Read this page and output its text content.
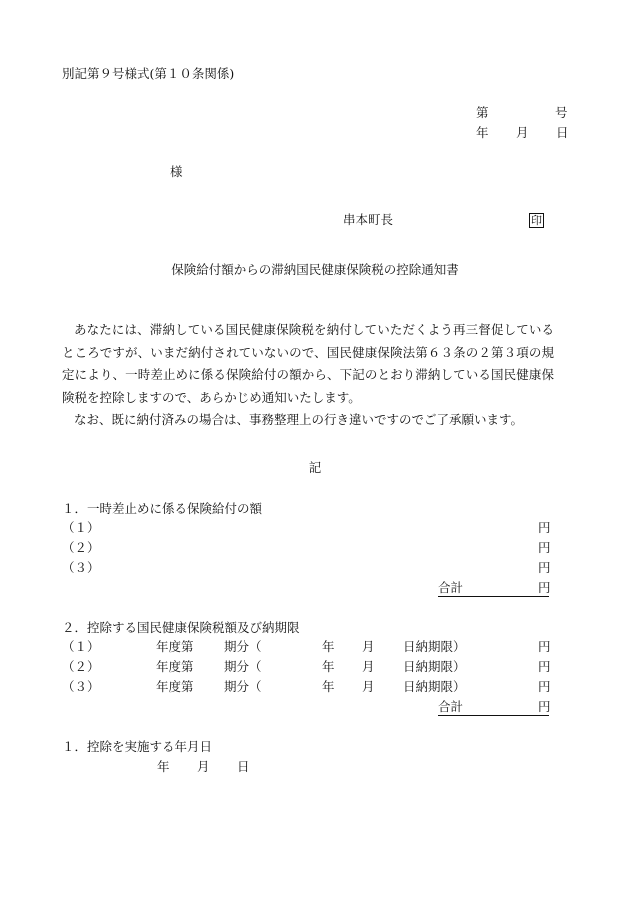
別記第９号様式(第１０条関係)
第	号
年 月 日
様
串本町長	印
保険給付額からの滞納国民健康保険税の控除通知書
あなたには、滞納している国民健康保険税を納付していただくよう再三督促しているところですが、いまだ納付されていないので、国民健康保険法第６３条の２第３項の規定により、一時差止めに係る保険給付の額から、下記のとおり滞納している国民健康保険税を控除しますので、あらかじめ通知いたします。
なお、既に納付済みの場合は、事務整理上の行き違いですのでご了承願います。
記
１．一時差止めに係る保険給付の額
（１）	円
（２）	円
（３）	円
合計	円
２．控除する国民健康保険税額及び納期限
（１）	年度第 期分（	年 月 日納期限）	円
（２）	年度第 期分（	年 月 日納期限）	円
（３）	年度第 期分（	年 月 日納期限）	円
合計	円
１．控除を実施する年月日
年 月 日
